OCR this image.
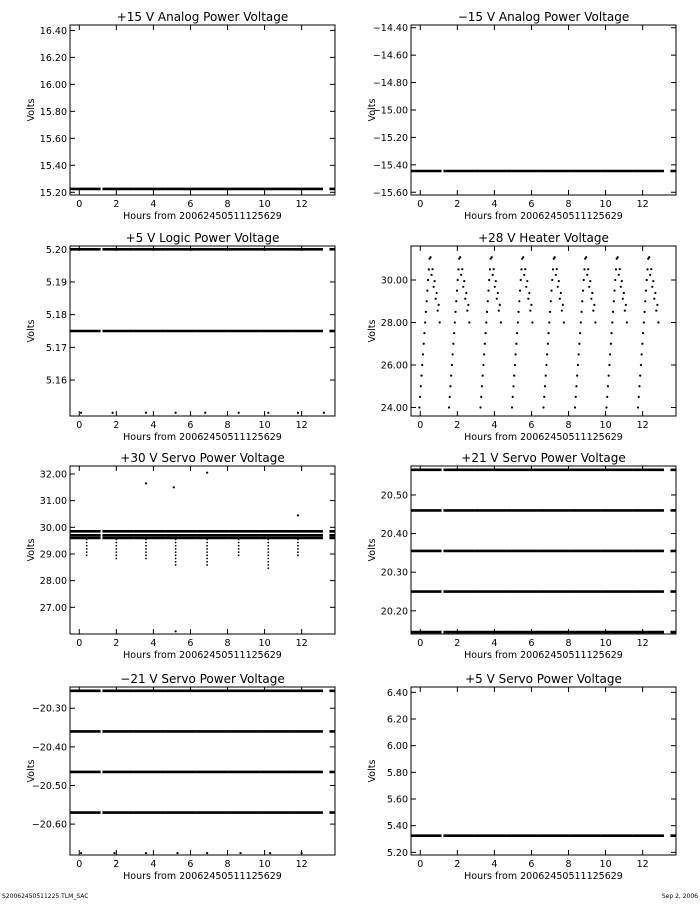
+15 V Analog Power Voltage
Hours from 20062450511125629
Volts
0	2	4	6	8	10	12
15.20
15.40
15.60
15.80
16.00
16.20
16.40
−15 V Analog Power Voltage
Hours from 20062450511125629
Volts
0	2	4	6	8	10	12
−15.60
−15.40
−15.20
−15.00
−14.80
−14.60
−14.40
+5 V Logic Power Voltage
Hours from 20062450511125629
Volts
0	2	4	6	8	10	12
5.16
5.17
5.18
5.19
5.20
+28 V Heater Voltage
Hours from 20062450511125629
Volts
0	2	4	6	8	10	12
24.00
26.00
28.00
30.00
+30 V Servo Power Voltage
Hours from 20062450511125629
Volts
0	2	4	6	8	10	12
27.00
28.00
29.00
30.00
31.00
32.00
+21 V Servo Power Voltage
Hours from 20062450511125629
Volts
0	2	4	6	8	10	12
20.20
20.30
20.40
20.50
−21 V Servo Power Voltage
Hours from 20062450511125629
Volts
0	2	4	6	8	10	12
−20.60
−20.50
−20.40
−20.30
+5 V Servo Power Voltage
Hours from 20062450511125629
Volts
0	2	4	6	8	10	12
5.20
5.40
5.60
5.80
6.00
6.20
6.40
S20062450511225.TLM_SAC	Sep 2, 2006
